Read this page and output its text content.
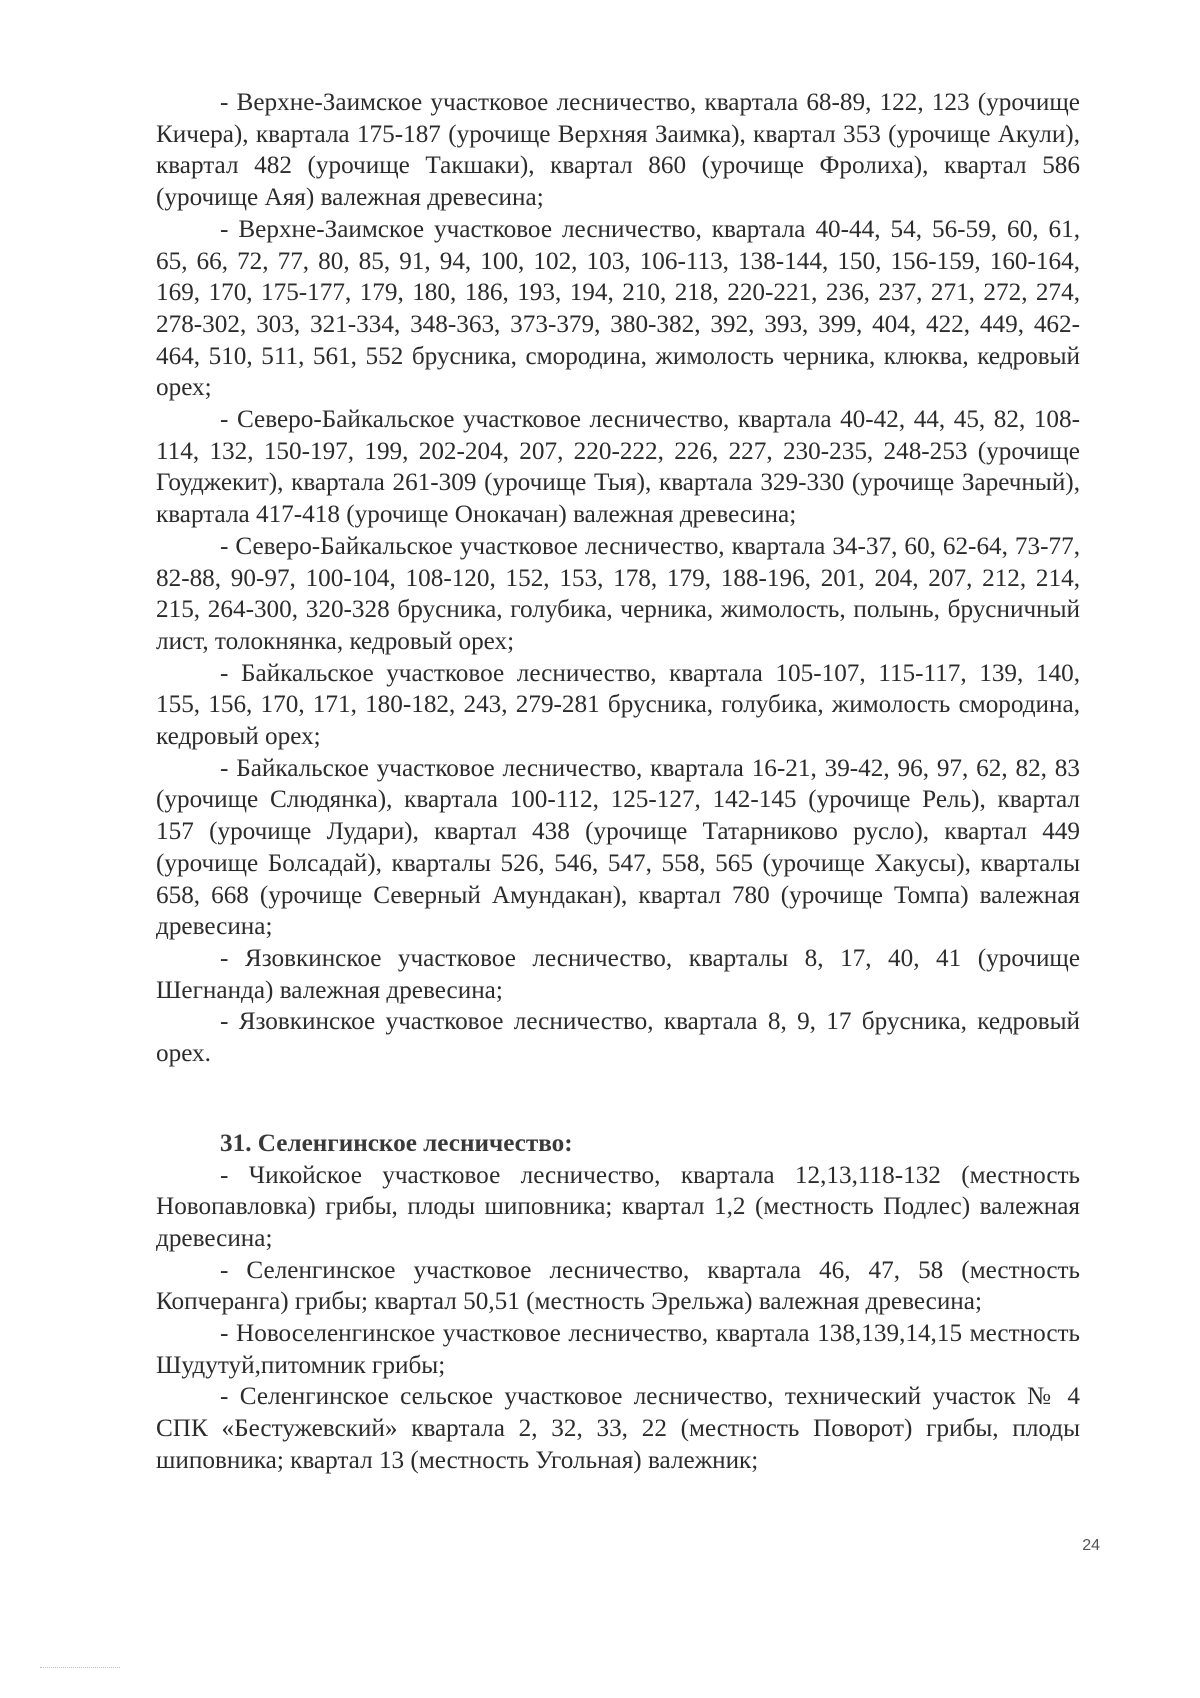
- Верхне-Заимское участковое лесничество, квартала 68-89, 122, 123 (урочище Кичера), квартала 175-187 (урочище Верхняя Заимка), квартал 353 (урочище Акули), квартал 482 (урочище Такшаки), квартал 860 (урочище Фролиха), квартал 586 (урочище Аяя) валежная древесина;

- Верхне-Заимское участковое лесничество, квартала 40-44, 54, 56-59, 60, 61, 65, 66, 72, 77, 80, 85, 91, 94, 100, 102, 103, 106-113, 138-144, 150, 156-159, 160-164, 169, 170, 175-177, 179, 180, 186, 193, 194, 210, 218, 220-221, 236, 237, 271, 272, 274, 278-302, 303, 321-334, 348-363, 373-379, 380-382, 392, 393, 399, 404, 422, 449, 462-464, 510, 511, 561, 552 брусника, смородина, жимолость черника, клюква, кедровый орех;

- Северо-Байкальское участковое лесничество, квартала 40-42, 44, 45, 82, 108-114, 132, 150-197, 199, 202-204, 207, 220-222, 226, 227, 230-235, 248-253 (урочище Гоуджекит), квартала 261-309 (урочище Тыя), квартала 329-330 (урочище Заречный), квартала 417-418 (урочище Онокачан) валежная древесина;

- Северо-Байкальское участковое лесничество, квартала 34-37, 60, 62-64, 73-77, 82-88, 90-97, 100-104, 108-120, 152, 153, 178, 179, 188-196, 201, 204, 207, 212, 214, 215, 264-300, 320-328 брусника, голубика, черника, жимолость, полынь, брусничный лист, толокнянка, кедровый орех;

- Байкальское участковое лесничество, квартала 105-107, 115-117, 139, 140, 155, 156, 170, 171, 180-182, 243, 279-281 брусника, голубика, жимолость смородина, кедровый орех;

- Байкальское участковое лесничество, квартала 16-21, 39-42, 96, 97, 62, 82, 83 (урочище Слюдянка), квартала 100-112, 125-127, 142-145 (урочище Рель), квартал 157 (урочище Лудари), квартал 438 (урочище Татарниково русло), квартал 449 (урочище Болсадай), кварталы 526, 546, 547, 558, 565 (урочище Хакусы), кварталы 658, 668 (урочище Северный Амундакан), квартал 780 (урочище Томпа) валежная древесина;

- Язовкинское участковое лесничество, кварталы 8, 17, 40, 41 (урочище Шегнанда) валежная древесина;

- Язовкинское участковое лесничество, квартала 8, 9, 17 брусника, кедровый орех.

31. Селенгинское лесничество:

- Чикойское участковое лесничество, квартала 12,13,118-132 (местность Новопавловка) грибы, плоды шиповника; квартал 1,2 (местность Подлес) валежная древесина;

- Селенгинское участковое лесничество, квартала 46, 47, 58 (местность Копчеранга) грибы; квартал 50,51 (местность Эрельжа) валежная древесина;

- Новоселенгинское участковое лесничество, квартала 138,139,14,15 местность Шудутуй,питомник грибы;

- Селенгинское сельское участковое лесничество, технический участок № 4 СПК «Бестужевский» квартала 2, 32, 33, 22 (местность Поворот) грибы, плоды шиповника; квартал 13 (местность Угольная) валежник;

24
